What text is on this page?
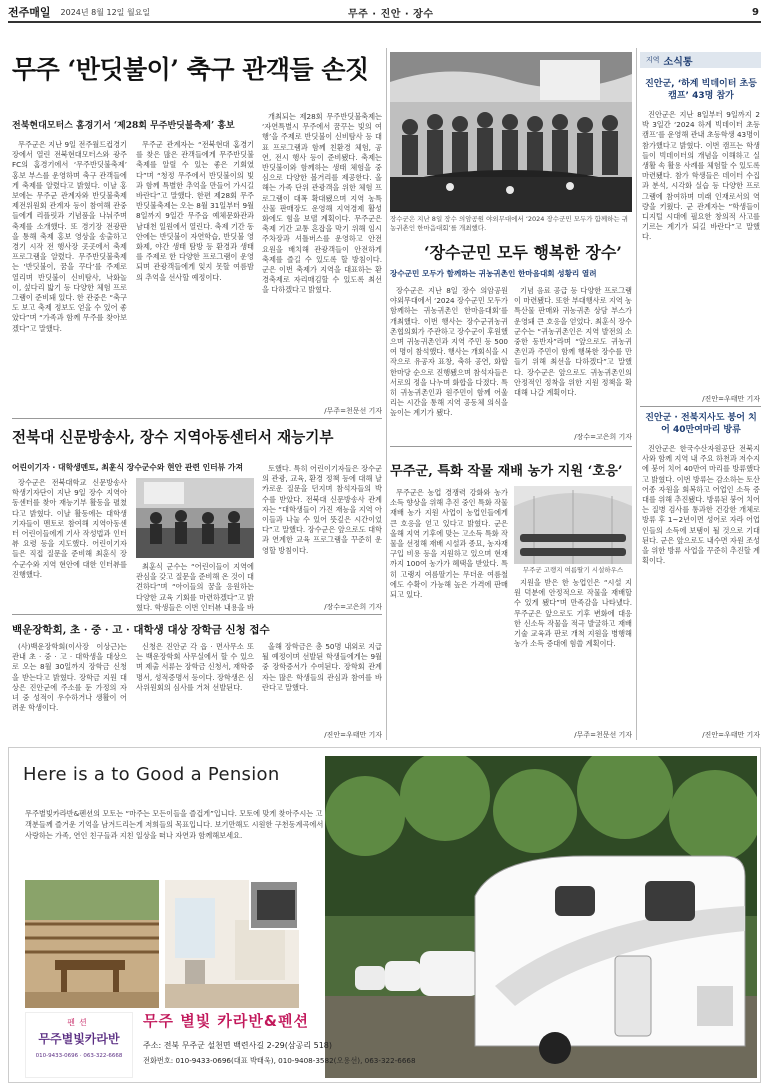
전주매일 2024년 8월 12일 월요일	무주 · 진안 · 장수	9
무주 ‘반딧불이’ 축구 관객들 손짓
전북현대모터스 홈경기서 ‘제28회 무주반딧불축제’ 홍보

무주군은 지난 9일 전주월드컵경기장에서 열린 전북현대모터스와 광주FC의 홈경기에서 ‘무주반딧불축제’ 홍보 부스를 운영하며 축구 관객들에게 축제를 알렸다고 밝혔다. 이날 홍보에는 무주군 관계자와 반딧불축제 제전위원회 관계자 등이 참여해 관중들에게 리플릿과 기념품을 나눠주며 축제를 소개했다. 또 경기장 전광판을 통해 축제 홍보 영상을 송출하고 경기 시작 전 행사장 곳곳에서 축제 프로그램을 알렸다. 무주반딧불축제는 ‘반딧불이, 꿈을 꾸다’를 주제로 열리며 반딧불이 신비탐사, 낙화놀이, 섶다리 밟기 등 다양한 체험 프로그램이 준비돼 있다. 한 관중은 “축구도 보고 축제 정보도 얻을 수 있어 좋았다”며 “가족과 함께 무주를 찾아보겠다”고 말했다.

무주군 관계자는 “전북현대 홈경기를 찾은 많은 관객들에게 무주반딧불축제를 알릴 수 있는 좋은 기회였다”며 “청정 무주에서 반딧불이의 빛과 함께 특별한 추억을 만들어 가시길 바란다”고 말했다. 한편 제28회 무주반딧불축제는 오는 8월 31일부터 9월 8일까지 9일간 무주읍 예체문화관과 남대천 일원에서 열린다. 축제 기간 동안에는 반딧불이 자연학습, 반딧불 영화제, 야간 생태 탐방 등 환경과 생태를 주제로 한 다양한 프로그램이 운영되며 관광객들에게 잊지 못할 여름밤의 추억을 선사할 예정이다.

개최되는 제28회 무주반딧불축제는 ‘자연특별시 무주에서 꿈꾸는 빛의 여행’을 주제로 반딧불이 신비탐사 등 대표 프로그램과 함께 친환경 체험, 공연, 전시 행사 등이 준비됐다. 축제는 반딧불이와 함께하는 생태 체험을 중심으로 다양한 볼거리를 제공한다. 올해는 가족 단위 관광객을 위한 체험 프로그램이 대폭 확대됐으며 지역 농특산물 판매장도 운영해 지역경제 활성화에도 힘을 보탤 계획이다. 무주군은 축제 기간 교통 혼잡을 막기 위해 임시 주차장과 셔틀버스를 운영하고 안전 요원을 배치해 관광객들이 안전하게 축제를 즐길 수 있도록 할 방침이다. 군은 이번 축제가 지역을 대표하는 환경축제로 자리매김할 수 있도록 최선을 다하겠다고 밝혔다.

/무주=천문선 기자
장수군은 지난 8일 장수 의암공원 야외무대에서 ‘2024 장수군민 모두가 함께하는 귀농귀촌인 한마음대회’를 개최했다.
‘장수군민 모두 행복한 장수’
장수군민 모두가 함께하는 귀농귀촌인 한마음대회 성황리 열려

장수군은 지난 8일 장수 의암공원 야외무대에서 ‘2024 장수군민 모두가 함께하는 귀농귀촌인 한마음대회’를 개최했다. 이번 행사는 장수군귀농귀촌협의회가 주관하고 장수군이 후원했으며 귀농귀촌인과 지역 주민 등 500여 명이 참석했다. 행사는 개회식을 시작으로 유공자 표창, 축하 공연, 화합 한마당 순으로 진행됐으며 참석자들은 서로의 정을 나누며 화합을 다졌다. 특히 귀농귀촌인과 원주민이 함께 어울리는 시간을 통해 지역 공동체 의식을 높이는 계기가 됐다.

기념 음료 공급 등 다양한 프로그램이 마련됐다. 또한 부대행사로 지역 농특산물 판매와 귀농귀촌 상담 부스가 운영돼 큰 호응을 얻었다. 최훈식 장수군수는 “귀농귀촌인은 지역 발전의 소중한 동반자”라며 “앞으로도 귀농귀촌인과 주민이 함께 행복한 장수를 만들기 위해 최선을 다하겠다”고 말했다. 장수군은 앞으로도 귀농귀촌인의 안정적인 정착을 위한 지원 정책을 확대해 나갈 계획이다.

/장수=고은희 기자
전북대 신문방송사, 장수 지역아동센터서 재능기부
어린이기자 · 대학생멘토, 최훈식 장수군수와 현안 관련 인터뷰 가져

장수군은 전북대학교 신문방송사 학생기자단이 지난 9일 장수 지역아동센터를 찾아 재능기부 활동을 펼쳤다고 밝혔다. 이날 활동에는 대학생 기자들이 멘토로 참여해 지역아동센터 어린이들에게 기사 작성법과 인터뷰 요령 등을 지도했다. 어린이기자들은 직접 질문을 준비해 최훈식 장수군수와 지역 현안에 대한 인터뷰를 진행했다.

최훈식 군수는 “어린이들이 지역에 관심을 갖고 질문을 준비해 온 것이 대견하다”며 “아이들의 꿈을 응원하는 다양한 교육 기회를 마련하겠다”고 밝혔다. 학생들은 이번 인터뷰 내용을 바

토했다. 특히 어린이기자들은 장수군의 관광, 교육, 환경 정책 등에 대해 날카로운 질문을 던지며 참석자들의 박수를 받았다. 전북대 신문방송사 관계자는 “대학생들이 가진 재능을 지역 아이들과 나눌 수 있어 뜻깊은 시간이었다”고 말했다. 장수군은 앞으로도 대학과 연계한 교육 프로그램을 꾸준히 운영할 방침이다.

/장수=고은희 기자
백운장학회, 초 · 중 · 고 · 대학생 대상 장학금 신청 접수

(사)백운장학회(이사장 이상근)는 관내 초 · 중 · 고 · 대학생을 대상으로 오는 8월 30일까지 장학금 신청을 받는다고 밝혔다. 장학금 지원 대상은 진안군에 주소를 둔 가정의 자녀 중 성적이 우수하거나 생활이 어려운 학생이다.

신청은 진안군 각 읍 · 면사무소 또는 백운장학회 사무실에서 할 수 있으며 제출 서류는 장학금 신청서, 재학증명서, 성적증명서 등이다. 장학생은 심사위원회의 심사를 거쳐 선발된다.

올해 장학금은 총 50명 내외로 지급될 예정이며 선발된 학생들에게는 9월 중 장학증서가 수여된다. 장학회 관계자는 많은 학생들의 관심과 참여를 바란다고 말했다.

/진안=우태만 기자
무주군, 특화 작물 재배 농가 지원 ‘호응’

무주군은 농업 경쟁력 강화와 농가 소득 향상을 위해 추진 중인 특화 작물 재배 농가 지원 사업이 농업인들에게 큰 호응을 얻고 있다고 밝혔다. 군은 올해 지역 기후에 맞는 고소득 특화 작물을 선정해 재배 시설과 종묘, 농자재 구입 비용 등을 지원하고 있으며 현재까지 100여 농가가 혜택을 받았다. 특히 고랭지 여름딸기는 무더운 여름철에도 수확이 가능해 높은 가격에 판매되고 있다.

무주군 고랭지 여름딸기 시설하우스

지원을 받은 한 농업인은 “시설 지원 덕분에 안정적으로 작물을 재배할 수 있게 됐다”며 만족감을 나타냈다. 무주군은 앞으로도 기후 변화에 대응한 신소득 작물을 적극 발굴하고 재배 기술 교육과 판로 개척 지원을 병행해 농가 소득 증대에 힘쓸 계획이다.

/무주=천문선 기자
지역 소식통
진안군, ‘하계 빅데이터 초등캠프’ 43명 참가

진안군은 지난 8일부터 9일까지 2박 3일간 ‘2024 하계 빅데이터 초등캠프’를 운영해 관내 초등학생 43명이 참가했다고 밝혔다. 이번 캠프는 학생들이 빅데이터의 개념을 이해하고 실생활 속 활용 사례를 체험할 수 있도록 마련됐다. 참가 학생들은 데이터 수집과 분석, 시각화 실습 등 다양한 프로그램에 참여하며 미래 인재로서의 역량을 키웠다. 군 관계자는 “학생들이 디지털 시대에 필요한 창의적 사고를 기르는 계기가 되길 바란다”고 말했다.

/진안=우태만 기자
진안군 · 전북지사도 붕어 치어 40만여마리 방류

진안군은 한국수산자원공단 전북지사와 함께 지역 내 주요 하천과 저수지에 붕어 치어 40만여 마리를 방류했다고 밝혔다. 이번 방류는 감소하는 토산 어종 자원을 회복하고 어업인 소득 증대를 위해 추진됐다. 방류된 붕어 치어는 질병 검사를 통과한 건강한 개체로 방류 후 1~2년이면 성어로 자라 어업인들의 소득에 보탬이 될 것으로 기대된다. 군은 앞으로도 내수면 자원 조성을 위한 방류 사업을 꾸준히 추진할 계획이다.

/진안=우태만 기자
Here is a to Good a Pension
무주별빛카라반&펜션의 모토는 “마주는 모든이들을 즐겁게”입니다. 모토에 맞게 찾아주시는 고객분들께 즐거운 기억을 남겨드리는게 저희들의 목표입니다. 보기만해도 시원한 구천동계곡에서 사랑하는 가족, 연인 친구들과 지친 일상을 떠나 자연과 함께해보세요.
펜션
무주별빛카라반
010-9433-0696 · 063-322-6668
무주 별빛 카라반&펜션
주소: 전북 무주군 설천면 백련사길 2-29(삼공리 518)
전화번호: 010-9433-0696(대표 박태욱), 010-9408-3582(오용선), 063-322-6668
